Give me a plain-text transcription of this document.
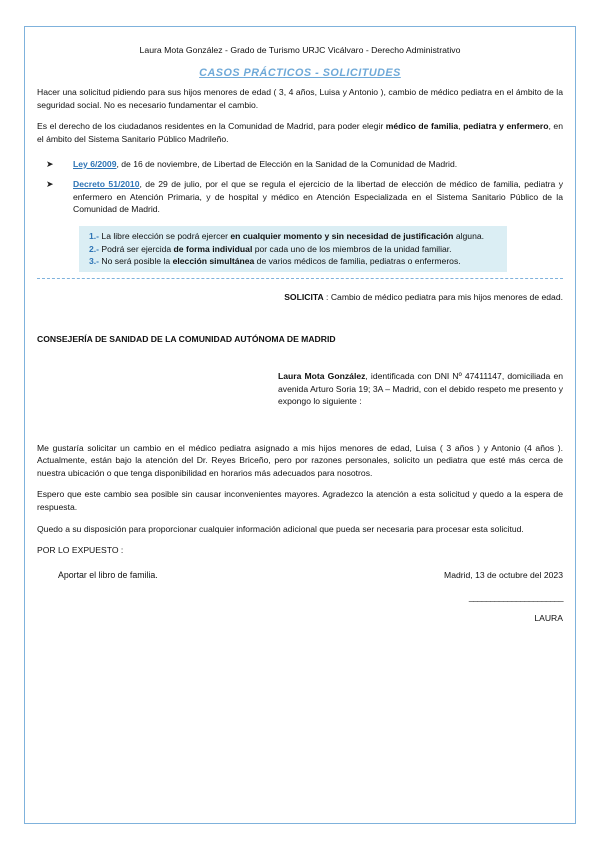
Laura Mota González - Grado de Turismo URJC Vicálvaro - Derecho Administrativo
CASOS PRÁCTICOS - SOLICITUDES

Hacer una solicitud pidiendo para sus hijos menores de edad ( 3, 4 años, Luisa y Antonio ), cambio de médico pediatra en el ámbito de la seguridad social. No es necesario fundamentar el cambio.

Es el derecho de los ciudadanos residentes en la Comunidad de Madrid, para poder elegir médico de familia, pediatra y enfermero, en el ámbito del Sistema Sanitario Público Madrileño.

➤ Ley 6/2009, de 16 de noviembre, de Libertad de Elección en la Sanidad de la Comunidad de Madrid.
➤ Decreto 51/2010, de 29 de julio, por el que se regula el ejercicio de la libertad de elección de médico de familia, pediatra y enfermero en Atención Primaria, y de hospital y médico en Atención Especializada en el Sistema Sanitario Público de la Comunidad de Madrid.
1.- La libre elección se podrá ejercer en cualquier momento y sin necesidad de justificación alguna.
2.- Podrá ser ejercida de forma individual por cada uno de los miembros de la unidad familiar.
3.- No será posible la elección simultánea de varios médicos de familia, pediatras o enfermeros.
SOLICITA : Cambio de médico pediatra para mis hijos menores de edad.
CONSEJERÍA DE SANIDAD DE LA COMUNIDAD AUTÓNOMA DE MADRID
Laura Mota González, identificada con DNI Nº 47411147, domiciliada en avenida Arturo Soria 19; 3A – Madrid, con el debido respeto me presento y expongo lo siguiente :

Me gustaría solicitar un cambio en el médico pediatra asignado a mis hijos menores de edad, Luisa ( 3 años ) y Antonio (4 años ). Actualmente, están bajo la atención del Dr. Reyes Briceño, pero por razones personales, solicito un pediatra que esté más cerca de nuestra ubicación o que tenga disponibilidad en horarios más adecuados para nosotros.

Espero que este cambio sea posible sin causar inconvenientes mayores. Agradezco la atención a esta solicitud y quedo a la espera de respuesta.

Quedo a su disposición para proporcionar cualquier información adicional que pueda ser necesaria para procesar esta solicitud.

POR LO EXPUESTO :
Aportar el libro de familia.	Madrid, 13 de octubre del 2023
______________________
LAURA
